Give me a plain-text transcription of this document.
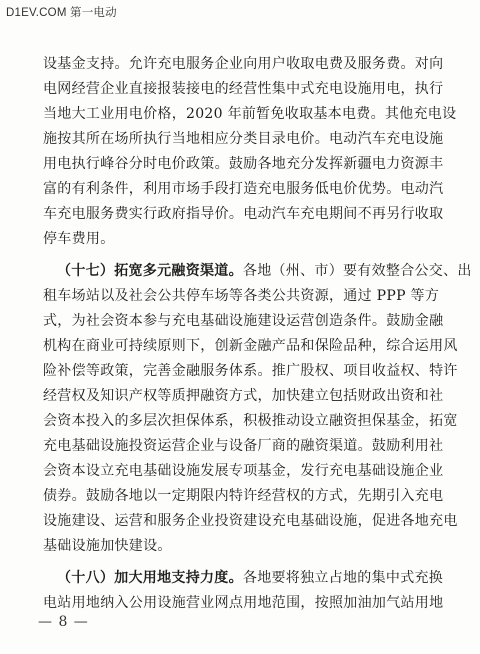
D1EV.COM 第一电动
设基金支持。允许充电服务企业向用户收取电费及服务费。对向
电网经营企业直接报装接电的经营性集中式充电设施用电，执行
当地大工业用电价格，2020 年前暂免收取基本电费。其他充电设
施按其所在场所执行当地相应分类目录电价。电动汽车充电设施
用电执行峰谷分时电价政策。鼓励各地充分发挥新疆电力资源丰
富的有利条件，利用市场手段打造充电服务低电价优势。电动汽
车充电服务费实行政府指导价。电动汽车充电期间不再另行收取
停车费用。
（十七）拓宽多元融资渠道。各地（州、市）要有效整合公交、出
租车场站以及社会公共停车场等各类公共资源，通过 PPP 等方
式，为社会资本参与充电基础设施建设运营创造条件。鼓励金融
机构在商业可持续原则下，创新金融产品和保险品种，综合运用风
险补偿等政策，完善金融服务体系。推广股权、项目收益权、特许
经营权及知识产权等质押融资方式，加快建立包括财政出资和社
会资本投入的多层次担保体系，积极推动设立融资担保基金，拓宽
充电基础设施投资运营企业与设备厂商的融资渠道。鼓励利用社
会资本设立充电基础设施发展专项基金，发行充电基础设施企业
债券。鼓励各地以一定期限内特许经营权的方式，先期引入充电
设施建设、运营和服务企业投资建设充电基础设施，促进各地充电
基础设施加快建设。
（十八）加大用地支持力度。各地要将独立占地的集中式充换
电站用地纳入公用设施营业网点用地范围，按照加油加气站用地
— 8 —
